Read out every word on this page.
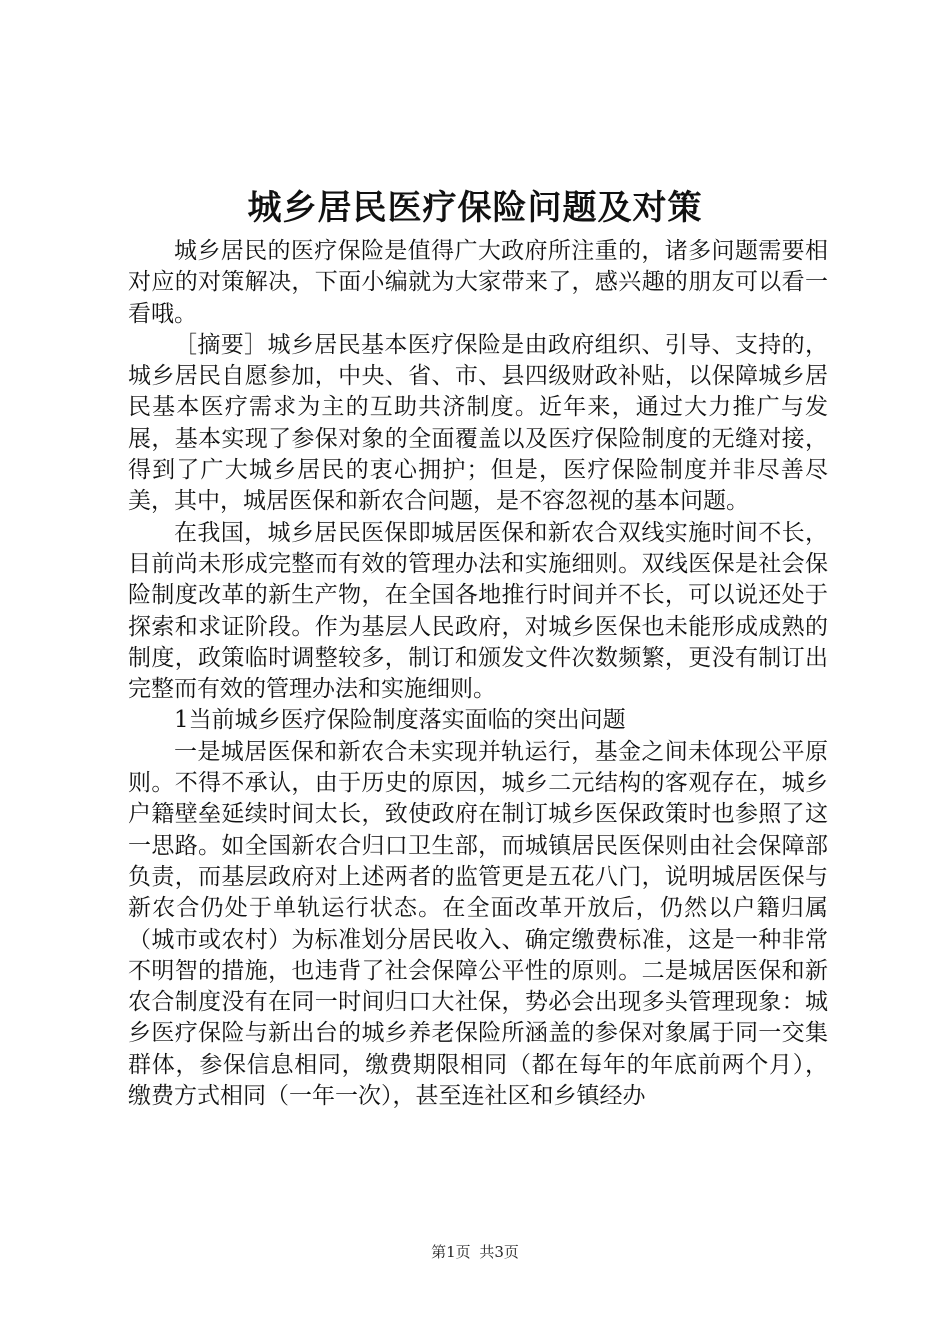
城乡居民医疗保险问题及对策

城乡居民的医疗保险是值得广大政府所注重的，诸多问题需要相对应的对策解决，下面小编就为大家带来了，感兴趣的朋友可以看一看哦。

［摘要］城乡居民基本医疗保险是由政府组织、引导、支持的，城乡居民自愿参加，中央、省、市、县四级财政补贴，以保障城乡居民基本医疗需求为主的互助共济制度。近年来，通过大力推广与发展，基本实现了参保对象的全面覆盖以及医疗保险制度的无缝对接，得到了广大城乡居民的衷心拥护；但是，医疗保险制度并非尽善尽美，其中，城居医保和新农合问题，是不容忽视的基本问题。

在我国，城乡居民医保即城居医保和新农合双线实施时间不长，目前尚未形成完整而有效的管理办法和实施细则。双线医保是社会保险制度改革的新生产物，在全国各地推行时间并不长，可以说还处于探索和求证阶段。作为基层人民政府，对城乡医保也未能形成成熟的制度，政策临时调整较多，制订和颁发文件次数频繁，更没有制订出完整而有效的管理办法和实施细则。

1当前城乡医疗保险制度落实面临的突出问题

一是城居医保和新农合未实现并轨运行，基金之间未体现公平原则。不得不承认，由于历史的原因，城乡二元结构的客观存在，城乡户籍壁垒延续时间太长，致使政府在制订城乡医保政策时也参照了这一思路。如全国新农合归口卫生部，而城镇居民医保则由社会保障部负责，而基层政府对上述两者的监管更是五花八门，说明城居医保与新农合仍处于单轨运行状态。在全面改革开放后，仍然以户籍归属（城市或农村）为标准划分居民收入、确定缴费标准，这是一种非常不明智的措施，也违背了社会保障公平性的原则。二是城居医保和新农合制度没有在同一时间归口大社保，势必会出现多头管理现象：城乡医疗保险与新出台的城乡养老保险所涵盖的参保对象属于同一交集群体，参保信息相同，缴费期限相同（都在每年的年底前两个月），缴费方式相同（一年一次），甚至连社区和乡镇经办

第1页 共3页
